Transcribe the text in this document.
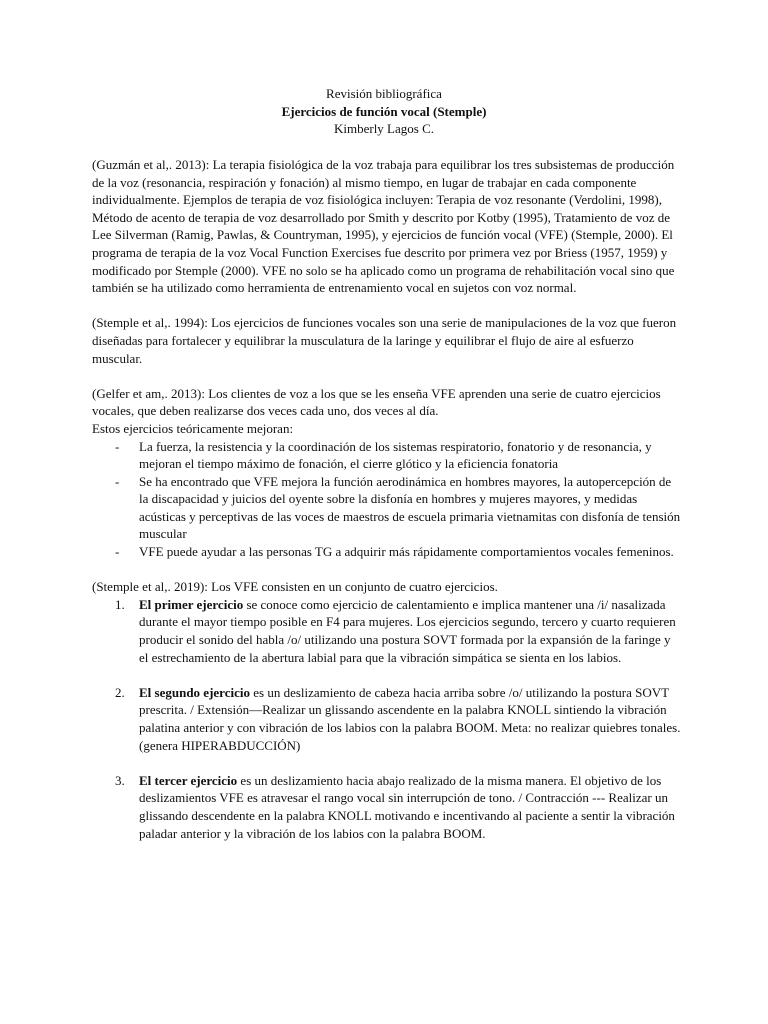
Revisión bibliográfica
Ejercicios de función vocal (Stemple)
Kimberly Lagos C.

(Guzmán et al,. 2013): La terapia fisiológica de la voz trabaja para equilibrar los tres subsistemas de producción de la voz (resonancia, respiración y fonación) al mismo tiempo, en lugar de trabajar en cada componente individualmente. Ejemplos de terapia de voz fisiológica incluyen: Terapia de voz resonante (Verdolini, 1998), Método de acento de terapia de voz desarrollado por Smith y descrito por Kotby (1995), Tratamiento de voz de Lee Silverman (Ramig, Pawlas, & Countryman, 1995), y ejercicios de función vocal (VFE) (Stemple, 2000). El programa de terapia de la voz Vocal Function Exercises fue descrito por primera vez por Briess (1957, 1959) y modificado por Stemple (2000). VFE no solo se ha aplicado como un programa de rehabilitación vocal sino que también se ha utilizado como herramienta de entrenamiento vocal en sujetos con voz normal.

(Stemple et al,. 1994): Los ejercicios de funciones vocales son una serie de manipulaciones de la voz que fueron diseñadas para fortalecer y equilibrar la musculatura de la laringe y equilibrar el flujo de aire al esfuerzo muscular.

(Gelfer et am,. 2013): Los clientes de voz a los que se les enseña VFE aprenden una serie de cuatro ejercicios vocales, que deben realizarse dos veces cada uno, dos veces al día.

Estos ejercicios teóricamente mejoran:

- La fuerza, la resistencia y la coordinación de los sistemas respiratorio, fonatorio y de resonancia, y mejoran el tiempo máximo de fonación, el cierre glótico y la eficiencia fonatoria
- Se ha encontrado que VFE mejora la función aerodinámica en hombres mayores, la autopercepción de la discapacidad y juicios del oyente sobre la disfonía en hombres y mujeres mayores, y medidas acústicas y perceptivas de las voces de maestros de escuela primaria vietnamitas con disfonía de tensión muscular
- VFE puede ayudar a las personas TG a adquirir más rápidamente comportamientos vocales femeninos.

(Stemple et al,. 2019): Los VFE consisten en un conjunto de cuatro ejercicios.

1. El primer ejercicio se conoce como ejercicio de calentamiento e implica mantener una /i/ nasalizada durante el mayor tiempo posible en F4 para mujeres. Los ejercicios segundo, tercero y cuarto requieren producir el sonido del habla /o/ utilizando una postura SOVT formada por la expansión de la faringe y el estrechamiento de la abertura labial para que la vibración simpática se sienta en los labios.
2. El segundo ejercicio es un deslizamiento de cabeza hacia arriba sobre /o/ utilizando la postura SOVT prescrita. / Extensión—Realizar un glissando ascendente en la palabra KNOLL sintiendo la vibración palatina anterior y con vibración de los labios con la palabra BOOM. Meta: no realizar quiebres tonales. (genera HIPERABDUCCIÓN)
3. El tercer ejercicio es un deslizamiento hacia abajo realizado de la misma manera. El objetivo de los deslizamientos VFE es atravesar el rango vocal sin interrupción de tono. / Contracción --- Realizar un glissando descendente en la palabra KNOLL motivando e incentivando al paciente a sentir la vibración paladar anterior y la vibración de los labios con la palabra BOOM.
